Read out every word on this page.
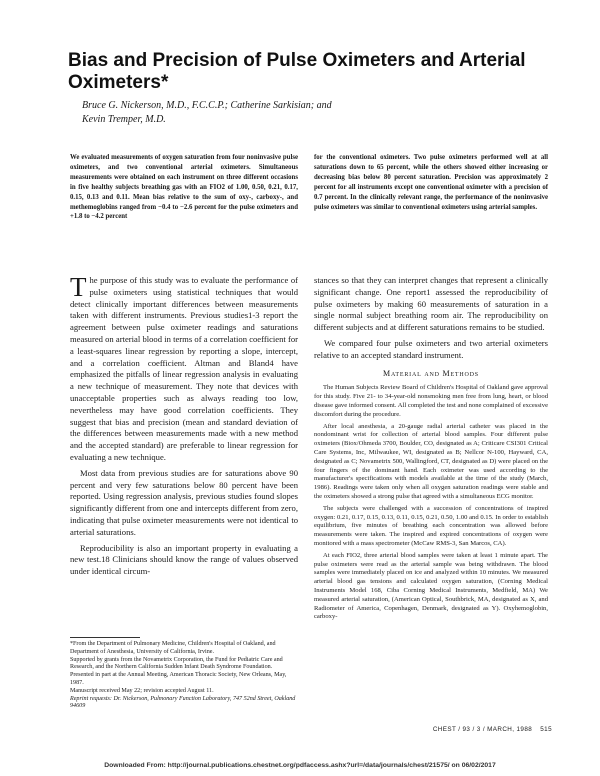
Bias and Precision of Pulse Oximeters and Arterial Oximeters*
Bruce G. Nickerson, M.D., F.C.C.P.; Catherine Sarkisian; and
Kevin Tremper, M.D.
We evaluated measurements of oxygen saturation from four noninvasive pulse oximeters, and two conventional arterial oximeters. Simultaneous measurements were obtained on each instrument on three different occasions in five healthy subjects breathing gas with an FIO2 of 1.00, 0.50, 0.21, 0.17, 0.15, 0.13 and 0.11. Mean bias relative to the sum of oxy-, carboxy-, and methemoglobins ranged from −0.4 to −2.6 percent for the pulse oximeters and +1.8 to −4.2 percent
for the conventional oximeters. Two pulse oximeters performed well at all saturations down to 65 percent, while the others showed either increasing or decreasing bias below 80 percent saturation. Precision was approximately 2 percent for all instruments except one conventional oximeter with a precision of 0.7 percent. In the clinically relevant range, the performance of the noninvasive pulse oximeters was similar to conventional oximeters using arterial samples.

The purpose of this study was to evaluate the performance of pulse oximeters using statistical techniques that would detect clinically important differences between measurements taken with different instruments. Previous studies1-3 report the agreement between pulse oximeter readings and saturations measured on arterial blood in terms of a correlation coefficient for a least-squares linear regression by reporting a slope, intercept, and a correlation coefficient. Altman and Bland4 have emphasized the pitfalls of linear regression analysis in evaluating a new technique of measurement. They note that devices with unacceptable properties such as always reading too low, nevertheless may have good correlation coefficients. They suggest that bias and precision (mean and standard deviation of the differences between measurements made with a new method and the accepted standard) are preferable to linear regression for evaluating a new technique.

Most data from previous studies are for saturations above 90 percent and very few saturations below 80 percent have been reported. Using regression analysis, previous studies found slopes significantly different from one and intercepts different from zero, indicating that pulse oximeter measurements were not identical to arterial saturations.

Reproducibility is also an important property in evaluating a new test.18 Clinicians should know the range of values observed under identical circum-

stances so that they can interpret changes that represent a clinically significant change. One report1 assessed the reproducibility of pulse oximeters by making 60 measurements of saturation in a single normal subject breathing room air. The reproducibility on different subjects and at different saturations remains to be studied.

We compared four pulse oximeters and two arterial oximeters relative to an accepted standard instrument.

Material and Methods

The Human Subjects Review Board of Children's Hospital of Oakland gave approval for this study. Five 21- to 34-year-old nonsmoking men free from lung, heart, or blood disease gave informed consent. All completed the test and none complained of excessive discomfort during the procedure.

After local anesthesia, a 20-gauge radial arterial catheter was placed in the nondominant wrist for collection of arterial blood samples. Four different pulse oximeters (Biox/Ohmeda 3700, Boulder, CO, designated as A; Criticare CSI301 Critical Care Systems, Inc, Milwaukee, WI, designated as B; Nellcor N-100, Hayward, CA, designated as C; Novametrix 500, Wallingford, CT, designated as D) were placed on the four fingers of the dominant hand. Each oximeter was used according to the manufacturer's specifications with models available at the time of the study (March, 1986). Readings were taken only when all oxygen saturation readings were stable and the oximeters showed a strong pulse that agreed with a simultaneous ECG monitor.

The subjects were challenged with a succession of concentrations of inspired oxygen: 0.21, 0.17, 0.15, 0.13, 0.11, 0.15, 0.21, 0.50, 1.00 and 0.15. In order to establish equilibrium, five minutes of breathing each concentration was allowed before measurements were taken. The inspired and expired concentrations of oxygen were monitored with a mass spectrometer (McCaw RMS-3, San Marcos, CA).

At each FIO2, three arterial blood samples were taken at least 1 minute apart. The pulse oximeters were read as the arterial sample was being withdrawn. The blood samples were immediately placed on ice and analyzed within 10 minutes. We measured arterial blood gas tensions and calculated oxygen saturation, (Corning Medical Instruments Model 168, Ciba Corning Medical Instruments, Medfield, MA) We measured arterial saturation, (American Optical, Southbrick, MA, designated as X, and Radiometer of America, Copenhagen, Denmark, designated as Y). Oxyhemoglobin, carboxy-

*From the Department of Pulmonary Medicine, Children's Hospital of Oakland, and Department of Anesthesia, University of California, Irvine.

Supported by grants from the Novametrix Corporation, the Fund for Pediatric Care and Research, and the Northern California Sudden Infant Death Syndrome Foundation.

Presented in part at the Annual Meeting, American Thoracic Society, New Orleans, May, 1987.

Manuscript received May 22; revision accepted August 11.

Reprint requests: Dr. Nickerson, Pulmonary Function Laboratory, 747 52nd Street, Oakland 94609

CHEST / 93 / 3 / MARCH, 1988 515
Downloaded From: http://journal.publications.chestnet.org/pdfaccess.ashx?url=/data/journals/chest/21575/ on 06/02/2017
